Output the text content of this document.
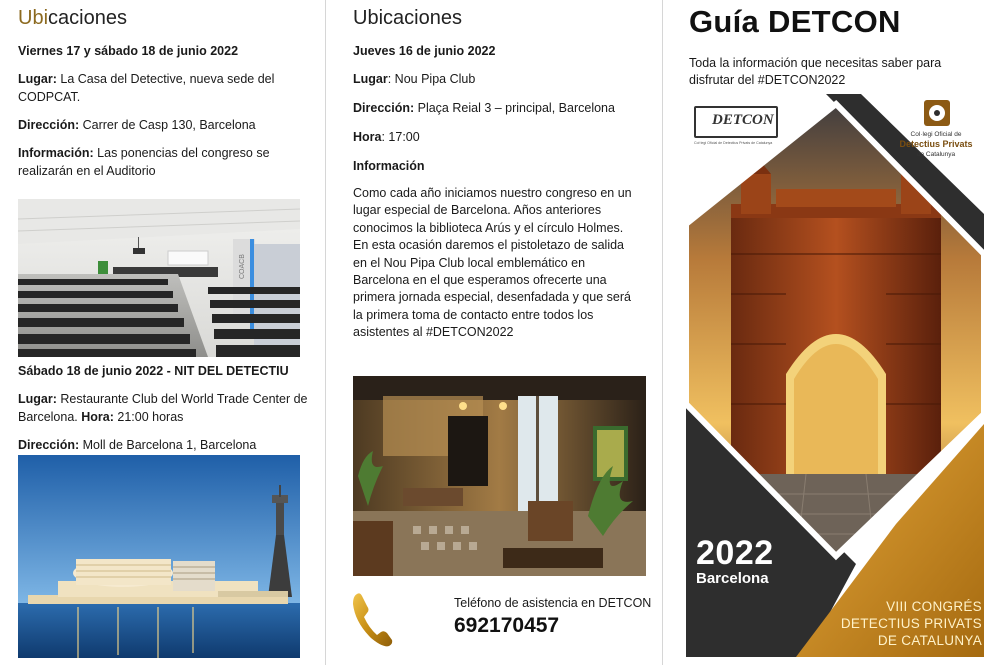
Ubicaciones
Viernes 17 y sábado 18 de junio 2022
Lugar: La Casa del Detective, nueva sede del CODPCAT.
Dirección: Carrer de Casp 130, Barcelona
Información: Las ponencias del congreso se realizarán en el Auditorio
COACB
Sábado 18 de junio 2022 - NIT DEL DETECTIU
Lugar: Restaurante Club del World Trade Center de Barcelona. Hora: 21:00 horas
Dirección: Moll de Barcelona 1, Barcelona
Ubicaciones
Jueves 16 de junio 2022
Lugar: Nou Pipa Club
Dirección: Plaça Reial 3 – principal, Barcelona
Hora: 17:00
Información
Como cada año iniciamos nuestro congreso en un lugar especial de Barcelona. Años anteriores conocimos la biblioteca Arús y el círculo Holmes. En esta ocasión daremos el pistoletazo de salida en el Nou Pipa Club local emblemático en Barcelona en el que esperamos ofrecerte una primera jornada especial, desenfadada y que será la primera toma de contacto entre todos los asistentes al #DETCON2022
Teléfono de asistencia en DETCON
692170457
Guía DETCON
Toda la información que necesitas saber para disfrutar del #DETCON2022
DETCON
Col·legi Oficial de Detectius Privats de Catalunya
Col·legi Oficial de
Detectius Privats
de Catalunya
2022
Barcelona
VIII CONGRÉS
DETECTIUS PRIVATS
DE CATALUNYA
